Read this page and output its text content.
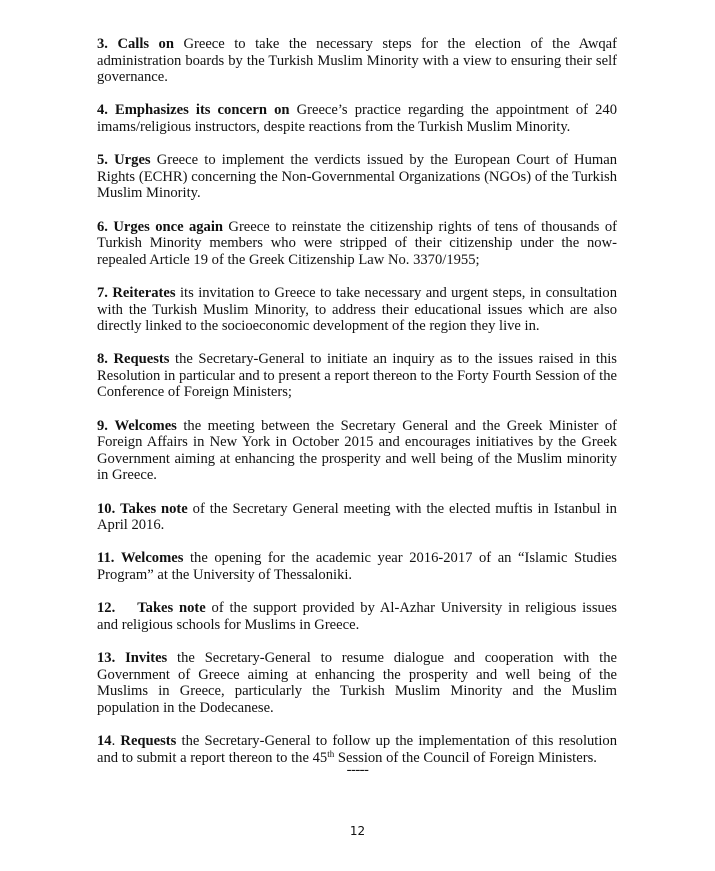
3. Calls on Greece to take the necessary steps for the election of the Awqaf administration boards by the Turkish Muslim Minority with a view to ensuring their self governance.

4. Emphasizes its concern on Greece’s practice regarding the appointment of 240 imams/religious instructors, despite reactions from the Turkish Muslim Minority.

5. Urges Greece to implement the verdicts issued by the European Court of Human Rights (ECHR) concerning the Non-Governmental Organizations (NGOs) of the Turkish Muslim Minority.

6. Urges once again Greece to reinstate the citizenship rights of tens of thousands of Turkish Minority members who were stripped of their citizenship under the now-repealed Article 19 of the Greek Citizenship Law No. 3370/1955;

7. Reiterates its invitation to Greece to take necessary and urgent steps, in consultation with the Turkish Muslim Minority, to address their educational issues which are also directly linked to the socioeconomic development of the region they live in.

8. Requests the Secretary-General to initiate an inquiry as to the issues raised in this Resolution in particular and to present a report thereon to the Forty Fourth Session of the Conference of Foreign Ministers;

9. Welcomes the meeting between the Secretary General and the Greek Minister of Foreign Affairs in New York in October 2015 and encourages initiatives by the Greek Government aiming at enhancing the prosperity and well being of the Muslim minority in Greece.

10. Takes note of the Secretary General meeting with the elected muftis in Istanbul in April 2016.

11. Welcomes the opening for the academic year 2016-2017 of an “Islamic Studies Program” at the University of Thessaloniki.

12. Takes note of the support provided by Al-Azhar University in religious issues and religious schools for Muslims in Greece.

13. Invites the Secretary-General to resume dialogue and cooperation with the Government of Greece aiming at enhancing the prosperity and well being of the Muslims in Greece, particularly the Turkish Muslim Minority and the Muslim population in the Dodecanese.

14. Requests the Secretary-General to follow up the implementation of this resolution and to submit a report thereon to the 45th Session of the Council of Foreign Ministers.

-----
12
